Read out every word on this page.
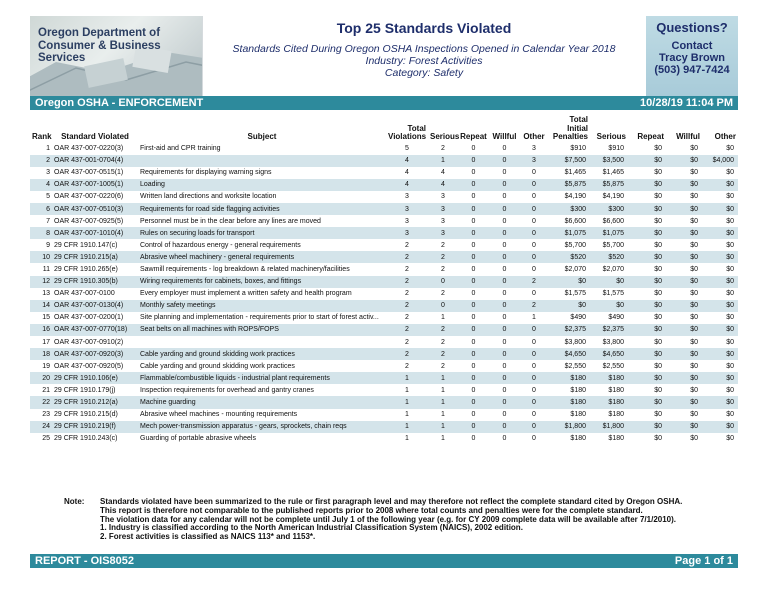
Oregon Department of
Consumer & Business
Services
Top 25 Standards Violated
Standards Cited During Oregon OSHA Inspections Opened in Calendar Year 2018
Industry: Forest Activities
Category: Safety
Questions?
Contact
Tracy Brown
(503) 947-7424
Oregon OSHA - ENFORCEMENT	10/28/19 11:04 PM
Rank	Standard Violated	Subject	Total Violations	Serious	Repeat	Willful	Other	Total Initial Penalties	Serious	Repeat	Willful	Other
1	OAR 437-007-0220(3)	First-aid and CPR training	5	2	0	0	3	$910	$910	$0	$0	$0
2	OAR 437-001-0704(4)		4	1	0	0	3	$7,500	$3,500	$0	$0	$4,000
3	OAR 437-007-0515(1)	Requirements for displaying warning signs	4	4	0	0	0	$1,465	$1,465	$0	$0	$0
4	OAR 437-007-1005(1)	Loading	4	4	0	0	0	$5,875	$5,875	$0	$0	$0
5	OAR 437-007-0220(6)	Written land directions and worksite location	3	3	0	0	0	$4,190	$4,190	$0	$0	$0
6	OAR 437-007-0510(3)	Requirements for road side flagging activities	3	3	0	0	0	$300	$300	$0	$0	$0
7	OAR 437-007-0925(5)	Personnel must be in the clear before any lines are moved	3	3	0	0	0	$6,600	$6,600	$0	$0	$0
8	OAR 437-007-1010(4)	Rules on securing loads for transport	3	3	0	0	0	$1,075	$1,075	$0	$0	$0
9	29 CFR 1910.147(c)	Control of hazardous energy - general requirements	2	2	0	0	0	$5,700	$5,700	$0	$0	$0
10	29 CFR 1910.215(a)	Abrasive wheel machinery - general requirements	2	2	0	0	0	$520	$520	$0	$0	$0
11	29 CFR 1910.265(e)	Sawmill requirements - log breakdown & related machinery/facilities	2	2	0	0	0	$2,070	$2,070	$0	$0	$0
12	29 CFR 1910.305(b)	Wiring requirements for cabinets, boxes, and fittings	2	0	0	0	2	$0	$0	$0	$0	$0
13	OAR 437-007-0100	Every employer must implement a written safety and health program	2	2	0	0	0	$1,575	$1,575	$0	$0	$0
14	OAR 437-007-0130(4)	Monthly safety meetings	2	0	0	0	2	$0	$0	$0	$0	$0
15	OAR 437-007-0200(1)	Site planning and implementation - requirements prior to start of forest activ...	2	1	0	0	1	$490	$490	$0	$0	$0
16	OAR 437-007-0770(18)	Seat belts on all machines with ROPS/FOPS	2	2	0	0	0	$2,375	$2,375	$0	$0	$0
17	OAR 437-007-0910(2)		2	2	0	0	0	$3,800	$3,800	$0	$0	$0
18	OAR 437-007-0920(3)	Cable yarding and ground skidding work practices	2	2	0	0	0	$4,650	$4,650	$0	$0	$0
19	OAR 437-007-0920(5)	Cable yarding and ground skidding work practices	2	2	0	0	0	$2,550	$2,550	$0	$0	$0
20	29 CFR 1910.106(e)	Flammable/combustible liquids - industrial plant requirements	1	1	0	0	0	$180	$180	$0	$0	$0
21	29 CFR 1910.179(j)	Inspection requirements for overhead and gantry cranes	1	1	0	0	0	$180	$180	$0	$0	$0
22	29 CFR 1910.212(a)	Machine guarding	1	1	0	0	0	$180	$180	$0	$0	$0
23	29 CFR 1910.215(d)	Abrasive wheel machines - mounting requirements	1	1	0	0	0	$180	$180	$0	$0	$0
24	29 CFR 1910.219(f)	Mech power-transmission apparatus - gears, sprockets, chain reqs	1	1	0	0	0	$1,800	$1,800	$0	$0	$0
25	29 CFR 1910.243(c)	Guarding of portable abrasive wheels	1	1	0	0	0	$180	$180	$0	$0	$0
Note: Standards violated have been summarized to the rule or first paragraph level and may therefore not reflect the complete standard cited by Oregon OSHA.
This report is therefore not comparable to the published reports prior to 2008 where total counts and penalties were for the complete standard.
The violation data for any calendar will not be complete until July 1 of the following year (e.g. for CY 2009 complete data will be available after 7/1/2010).
1. Industry is classified according to the North American Industrial Classification System (NAICS), 2002 edition.
2. Forest activities is classified as NAICS 113* and 1153*.
REPORT - OIS8052	Page 1 of 1
